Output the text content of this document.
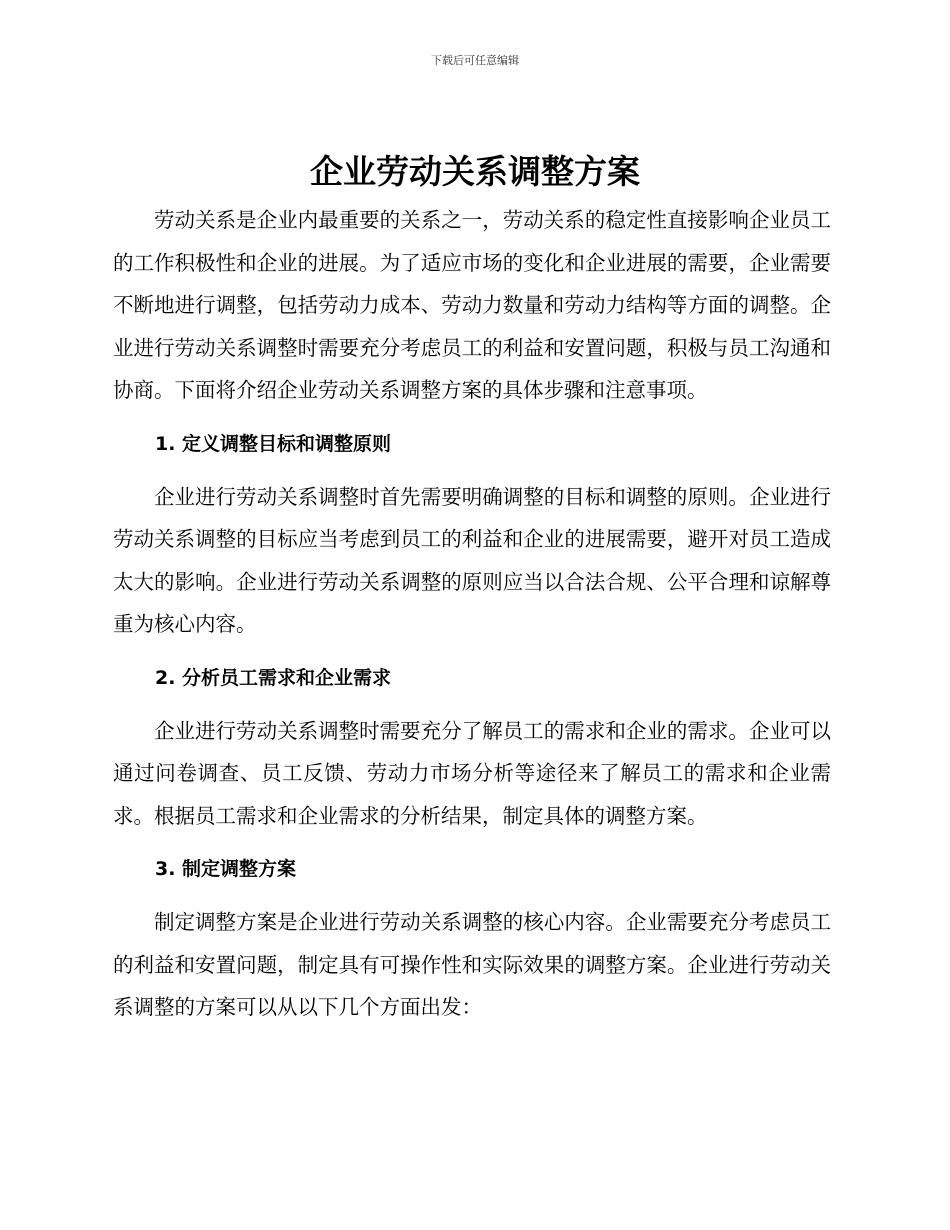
下载后可任意编辑
企业劳动关系调整方案

劳动关系是企业内最重要的关系之一，劳动关系的稳定性直接影响企业员工的工作积极性和企业的进展。为了适应市场的变化和企业进展的需要，企业需要不断地进行调整，包括劳动力成本、劳动力数量和劳动力结构等方面的调整。企业进行劳动关系调整时需要充分考虑员工的利益和安置问题，积极与员工沟通和协商。下面将介绍企业劳动关系调整方案的具体步骤和注意事项。

1. 定义调整目标和调整原则

企业进行劳动关系调整时首先需要明确调整的目标和调整的原则。企业进行劳动关系调整的目标应当考虑到员工的利益和企业的进展需要，避开对员工造成太大的影响。企业进行劳动关系调整的原则应当以合法合规、公平合理和谅解尊重为核心内容。

2. 分析员工需求和企业需求

企业进行劳动关系调整时需要充分了解员工的需求和企业的需求。企业可以通过问卷调查、员工反馈、劳动力市场分析等途径来了解员工的需求和企业需求。根据员工需求和企业需求的分析结果，制定具体的调整方案。

3. 制定调整方案

制定调整方案是企业进行劳动关系调整的核心内容。企业需要充分考虑员工的利益和安置问题，制定具有可操作性和实际效果的调整方案。企业进行劳动关系调整的方案可以从以下几个方面出发：
